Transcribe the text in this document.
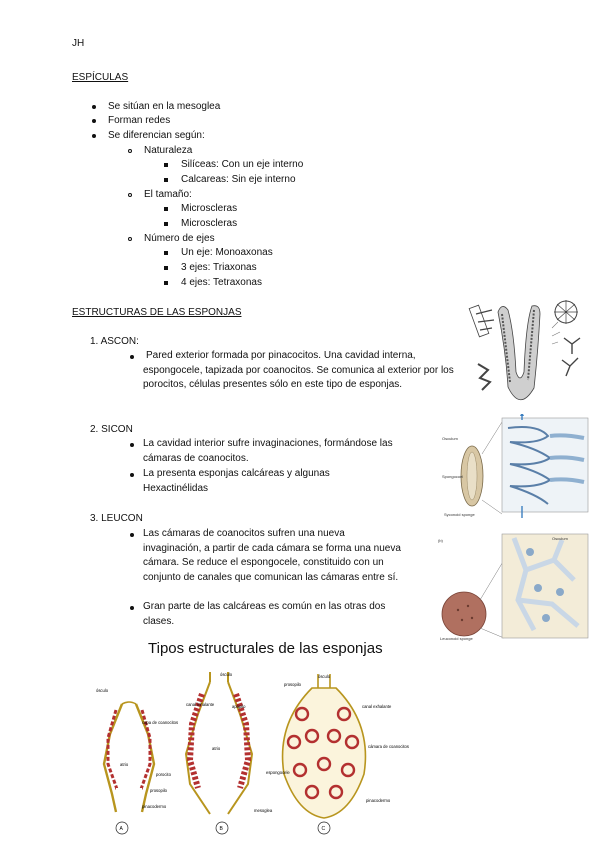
JH
ESPÍCULAS
Se sitúan en la mesoglea
Forman redes
Se diferencian según:
Naturaleza
Silíceas: Con un eje interno
Calcareas: Sin eje interno
El tamaño:
Microscleras
Microscleras
Número de ejes
Un eje: Monoaxonas
3 ejes: Triaxonas
4 ejes: Tetraxonas
ESTRUCTURAS DE LAS ESPONJAS
1. ASCON:
Pared exterior formada por pinacocitos. Una cavidad interna, espongocele, tapizada por coanocitos. Se comunica al exterior por los porocitos, células presentes sólo en este tipo de esponjas.
2. SICON
La cavidad interior sufre invaginaciones, formándose las cámaras de coanocitos.
La presenta esponjas calcáreas y algunas Hexactinélidas
3. LEUCON
Las cámaras de coanocitos sufren una nueva invaginación, a partir de cada cámara se forma una nueva cámara. Se reduce el espongocele, constituido con un conjunto de canales que comunican las cámaras entre sí.
Gran parte de las calcáreas es común en las otras dos clases.
Osculum
Spongocoel
Syconoid sponge
(b)	Osculum
Leuconoid sponge
Tipos estructurales de las esponjas
ósculo
capa de coanocitos
atrio
porocito
prosopilo
pinacodermo
A
ósculo
apópilo
canal inhalante
atrio
B
prosopilo
ósculo
canal exhalante
cámara de coanocitos
espongocele
pinacodermo
mesoglea
C
